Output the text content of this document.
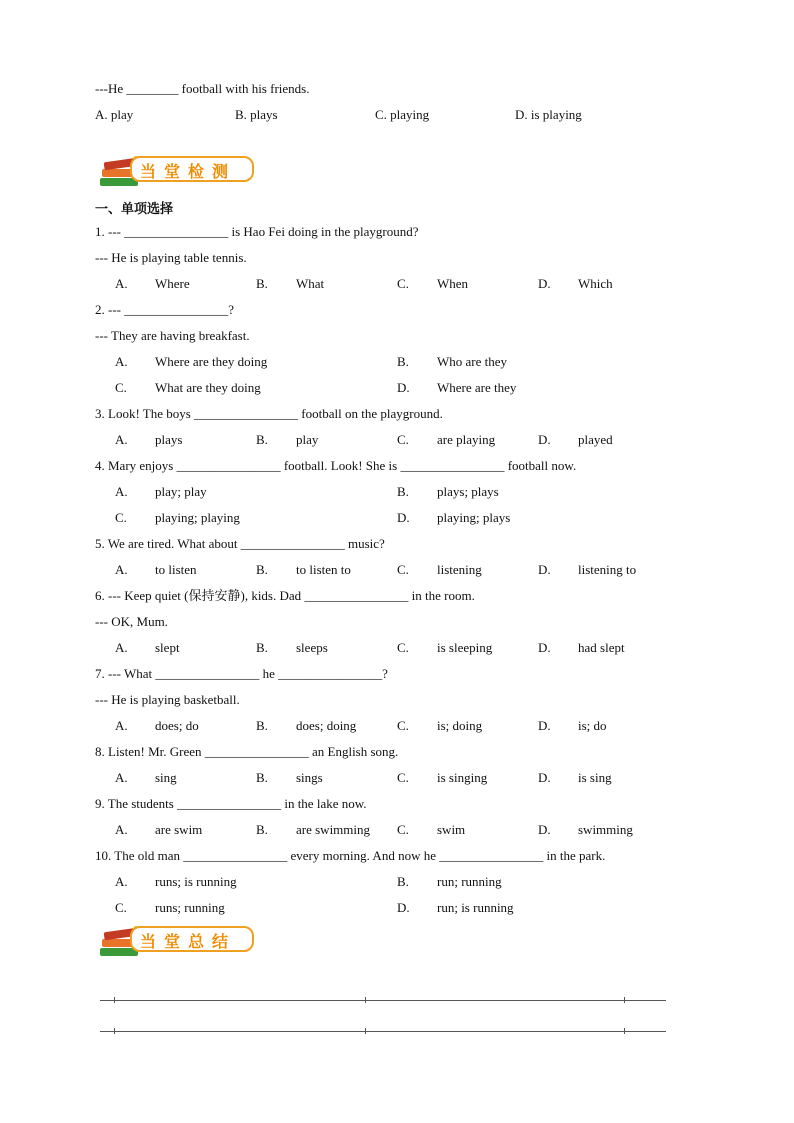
---He ________ football with his friends.
A. play	B. plays	C. playing	D. is playing
当堂检测
一、单项选择
1. --- ________________ is Hao Fei doing in the playground?
--- He is playing table tennis.
A. Where	B. What	C. When	D. Which
2. --- ________________?
--- They are having breakfast.
A. Where are they doing	B. Who are they
C. What are they doing	D. Where are they
3. Look! The boys ________________ football on the playground.
A. plays	B. play	C. are playing	D. played
4. Mary enjoys ________________ football. Look! She is ________________ football now.
A. play; play	B. plays; plays
C. playing; playing	D. playing; plays
5. We are tired. What about ________________ music?
A. to listen	B. to listen to	C. listening	D. listening to
6. --- Keep quiet (保持安静), kids. Dad ________________ in the room.
--- OK, Mum.
A. slept	B. sleeps	C. is sleeping	D. had slept
7. --- What ________________ he ________________?
--- He is playing basketball.
A. does; do	B. does; doing	C. is; doing	D. is; do
8. Listen! Mr. Green ________________ an English song.
A. sing	B. sings	C. is singing	D. is sing
9. The students ________________ in the lake now.
A. are swim	B. are swimming C. swim	D. swimming
10. The old man ________________ every morning. And now he ________________ in the park.
A. runs; is running	B. run; running
C. runs; running	D. run; is running
当堂总结
